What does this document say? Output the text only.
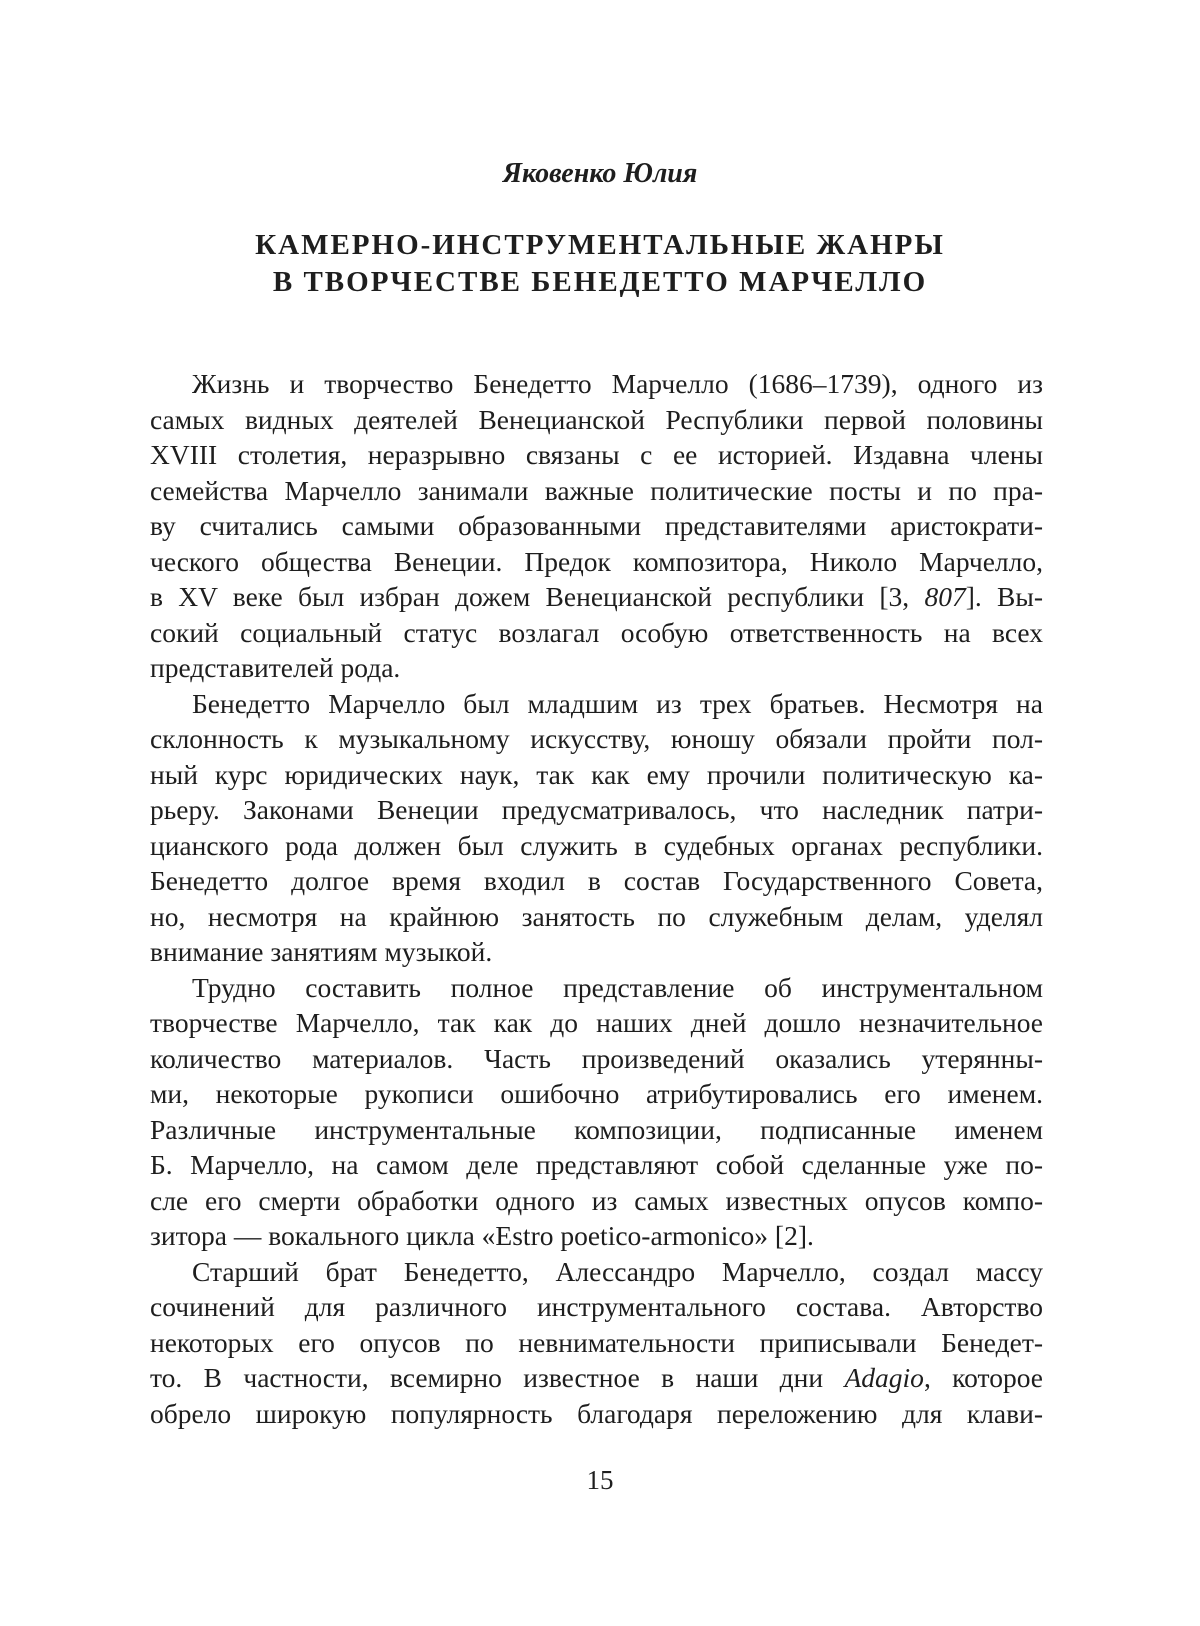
Яковенко Юлия
КАМЕРНО-ИНСТРУМЕНТАЛЬНЫЕ ЖАНРЫ
В ТВОРЧЕСТВЕ БЕНЕДЕТТО МАРЧЕЛЛО
Жизнь и творчество Бенедетто Марчелло (1686–1739), одного из
самых видных деятелей Венецианской Республики первой половины
XVIII столетия, неразрывно связаны с ее историей. Издавна члены
семейства Марчелло занимали важные политические посты и по пра-
ву считались самыми образованными представителями аристократи-
ческого общества Венеции. Предок композитора, Николо Марчелло,
в XV веке был избран дожем Венецианской республики [3, 807]. Вы-
сокий социальный статус возлагал особую ответственность на всех
представителей рода.
Бенедетто Марчелло был младшим из трех братьев. Несмотря на
склонность к музыкальному искусству, юношу обязали пройти пол-
ный курс юридических наук, так как ему прочили политическую ка-
рьеру. Законами Венеции предусматривалось, что наследник патри-
цианского рода должен был служить в судебных органах республики.
Бенедетто долгое время входил в состав Государственного Совета,
но, несмотря на крайнюю занятость по служебным делам, уделял
внимание занятиям музыкой.
Трудно составить полное представление об инструментальном
творчестве Марчелло, так как до наших дней дошло незначительное
количество материалов. Часть произведений оказались утерянны-
ми, некоторые рукописи ошибочно атрибутировались его именем.
Различные инструментальные композиции, подписанные именем
Б. Марчелло, на самом деле представляют собой сделанные уже по-
сле его смерти обработки одного из самых известных опусов компо-
зитора — вокального цикла «Estro poetico-armonico» [2].
Старший брат Бенедетто, Алессандро Марчелло, создал массу
сочинений для различного инструментального состава. Авторство
некоторых его опусов по невнимательности приписывали Бенедет-
то. В частности, всемирно известное в наши дни Adagio, которое
обрело широкую популярность благодаря переложению для клави-
15
